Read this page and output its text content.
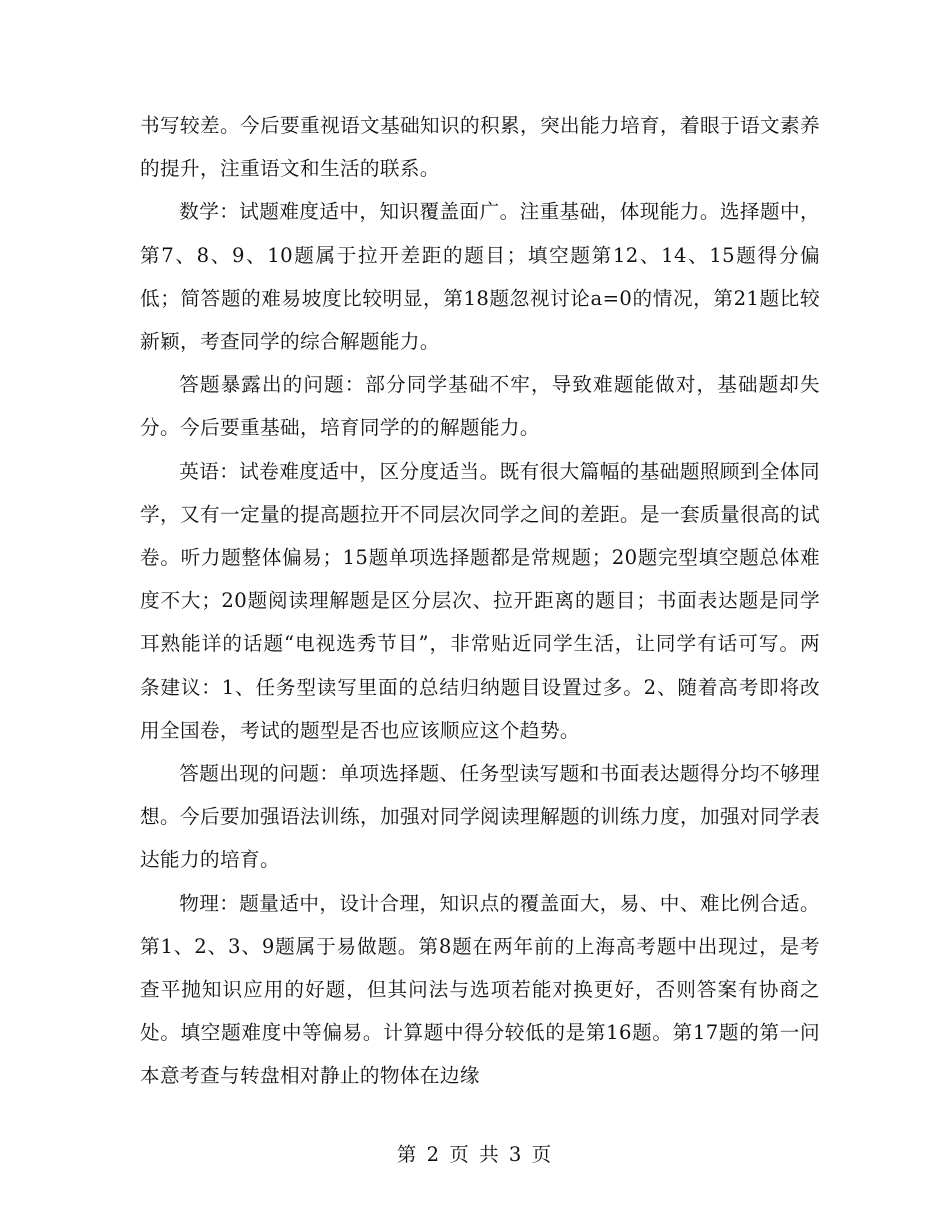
书写较差。今后要重视语文基础知识的积累，突出能力培育，着眼于语文素养的提升，注重语文和生活的联系。

数学：试题难度适中，知识覆盖面广。注重基础，体现能力。选择题中，第7、8、9、10题属于拉开差距的题目；填空题第12、14、15题得分偏低；简答题的难易坡度比较明显，第18题忽视讨论a=0的情况，第21题比较新颖，考查同学的综合解题能力。

答题暴露出的问题：部分同学基础不牢，导致难题能做对，基础题却失分。今后要重基础，培育同学的的解题能力。

英语：试卷难度适中，区分度适当。既有很大篇幅的基础题照顾到全体同学，又有一定量的提高题拉开不同层次同学之间的差距。是一套质量很高的试卷。听力题整体偏易；15题单项选择题都是常规题；20题完型填空题总体难度不大；20题阅读理解题是区分层次、拉开距离的题目；书面表达题是同学耳熟能详的话题“电视选秀节目”，非常贴近同学生活，让同学有话可写。两条建议：1、任务型读写里面的总结归纳题目设置过多。2、随着高考即将改用全国卷，考试的题型是否也应该顺应这个趋势。

答题出现的问题：单项选择题、任务型读写题和书面表达题得分均不够理想。今后要加强语法训练，加强对同学阅读理解题的训练力度，加强对同学表达能力的培育。

物理：题量适中，设计合理，知识点的覆盖面大，易、中、难比例合适。第1、2、3、9题属于易做题。第8题在两年前的上海高考题中出现过，是考查平抛知识应用的好题，但其问法与选项若能对换更好，否则答案有协商之处。填空题难度中等偏易。计算题中得分较低的是第16题。第17题的第一问本意考查与转盘相对静止的物体在边缘

第 2 页 共 3 页
